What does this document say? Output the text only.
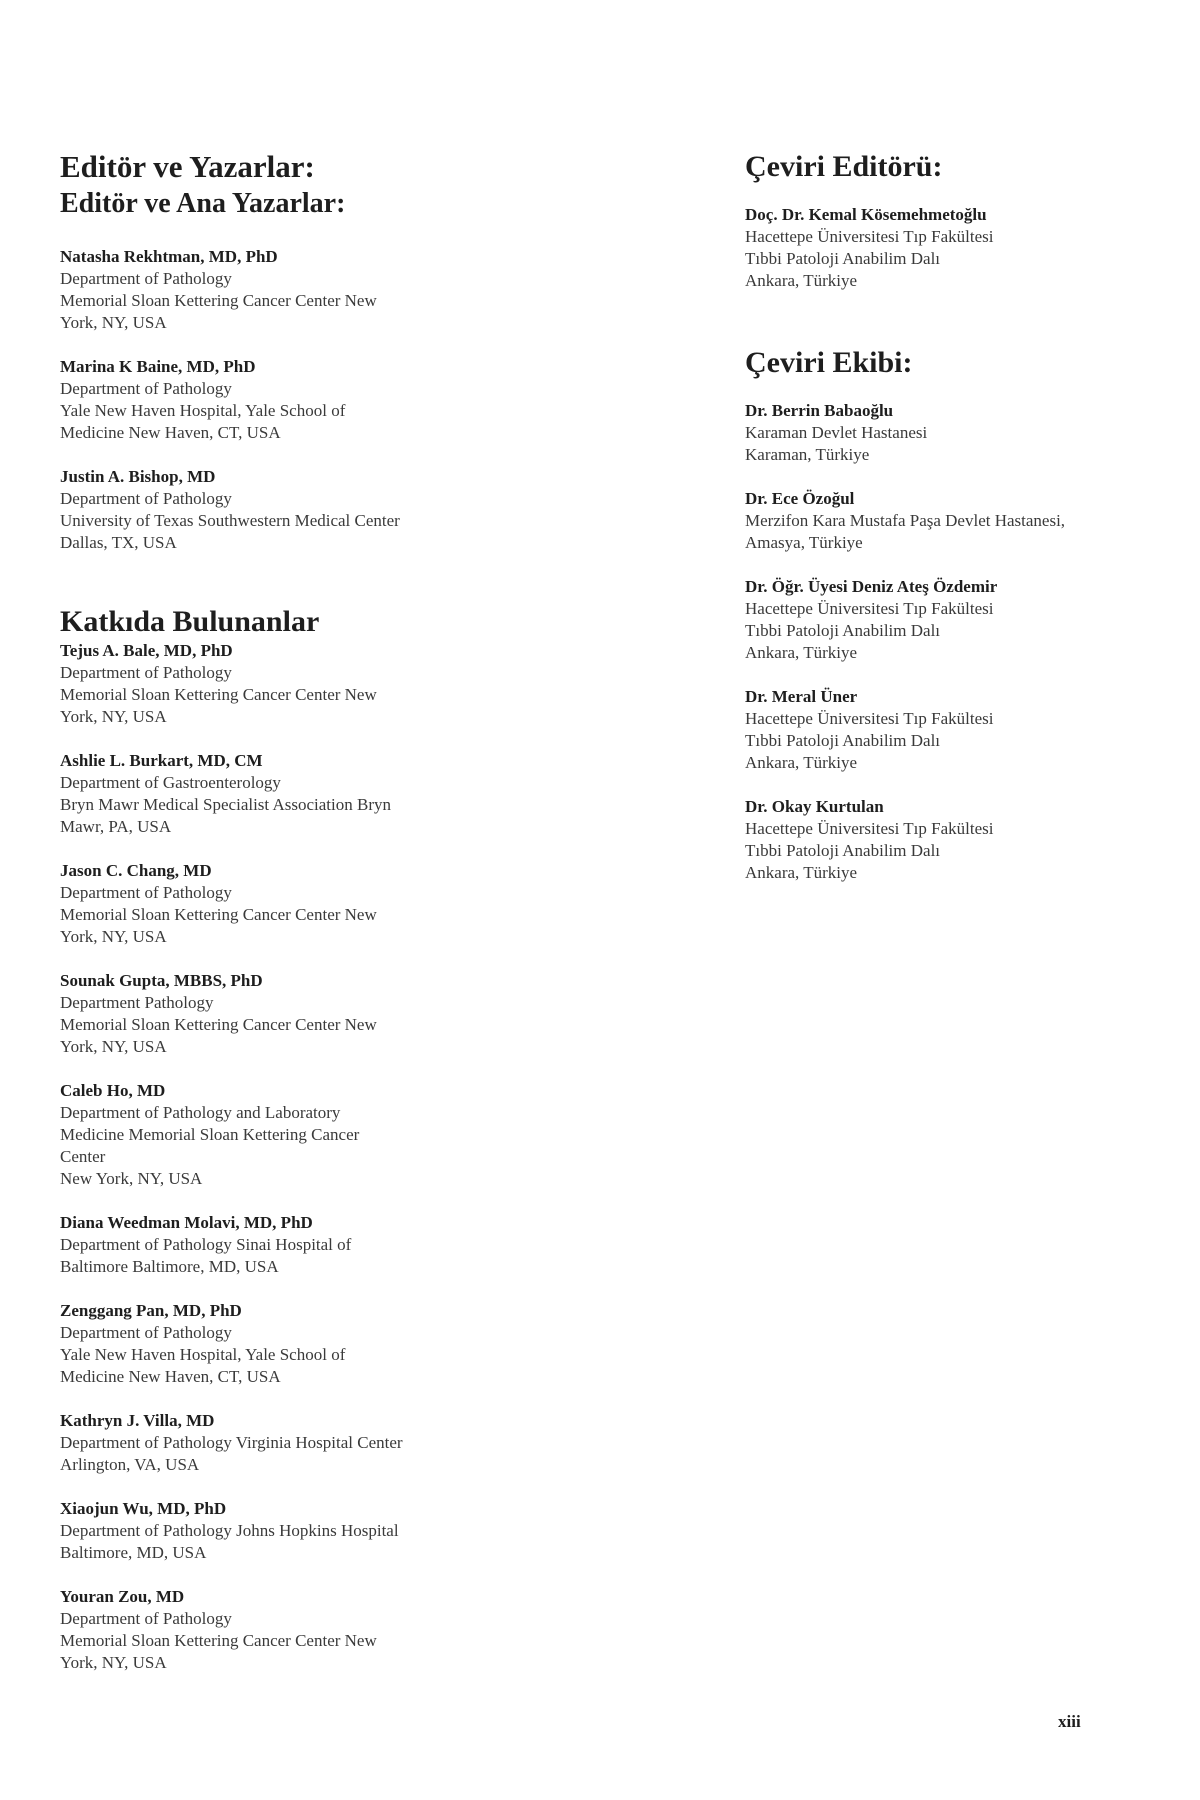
Editör ve Yazarlar:
Editör ve Ana Yazarlar:
Natasha Rekhtman, MD, PhD
Department of Pathology
Memorial Sloan Kettering Cancer Center New
York, NY, USA
Marina K Baine, MD, PhD
Department of Pathology
Yale New Haven Hospital, Yale School of
Medicine New Haven, CT, USA
Justin A. Bishop, MD
Department of Pathology
University of Texas Southwestern Medical Center
Dallas, TX, USA
Katkıda Bulunanlar
Tejus A. Bale, MD, PhD
Department of Pathology
Memorial Sloan Kettering Cancer Center New
York, NY, USA
Ashlie L. Burkart, MD, CM
Department of Gastroenterology
Bryn Mawr Medical Specialist Association Bryn
Mawr, PA, USA
Jason C. Chang, MD
Department of Pathology
Memorial Sloan Kettering Cancer Center New
York, NY, USA
Sounak Gupta, MBBS, PhD
Department Pathology
Memorial Sloan Kettering Cancer Center New
York, NY, USA
Caleb Ho, MD
Department of Pathology and Laboratory
Medicine Memorial Sloan Kettering Cancer
Center
New York, NY, USA
Diana Weedman Molavi, MD, PhD
Department of Pathology Sinai Hospital of
Baltimore Baltimore, MD, USA
Zenggang Pan, MD, PhD
Department of Pathology
Yale New Haven Hospital, Yale School of
Medicine New Haven, CT, USA
Kathryn J. Villa, MD
Department of Pathology Virginia Hospital Center
Arlington, VA, USA
Xiaojun Wu, MD, PhD
Department of Pathology Johns Hopkins Hospital
Baltimore, MD, USA
Youran Zou, MD
Department of Pathology
Memorial Sloan Kettering Cancer Center New
York, NY, USA
Çeviri Editörü:
Doç. Dr. Kemal Kösemehmetoğlu
Hacettepe Üniversitesi Tıp Fakültesi
Tıbbi Patoloji Anabilim Dalı
Ankara, Türkiye
Çeviri Ekibi:
Dr. Berrin Babaoğlu
Karaman Devlet Hastanesi
Karaman, Türkiye
Dr. Ece Özoğul
Merzifon Kara Mustafa Paşa Devlet Hastanesi,
Amasya, Türkiye
Dr. Öğr. Üyesi Deniz Ateş Özdemir
Hacettepe Üniversitesi Tıp Fakültesi
Tıbbi Patoloji Anabilim Dalı
Ankara, Türkiye
Dr. Meral Üner
Hacettepe Üniversitesi Tıp Fakültesi
Tıbbi Patoloji Anabilim Dalı
Ankara, Türkiye
Dr. Okay Kurtulan
Hacettepe Üniversitesi Tıp Fakültesi
Tıbbi Patoloji Anabilim Dalı
Ankara, Türkiye
xiii
